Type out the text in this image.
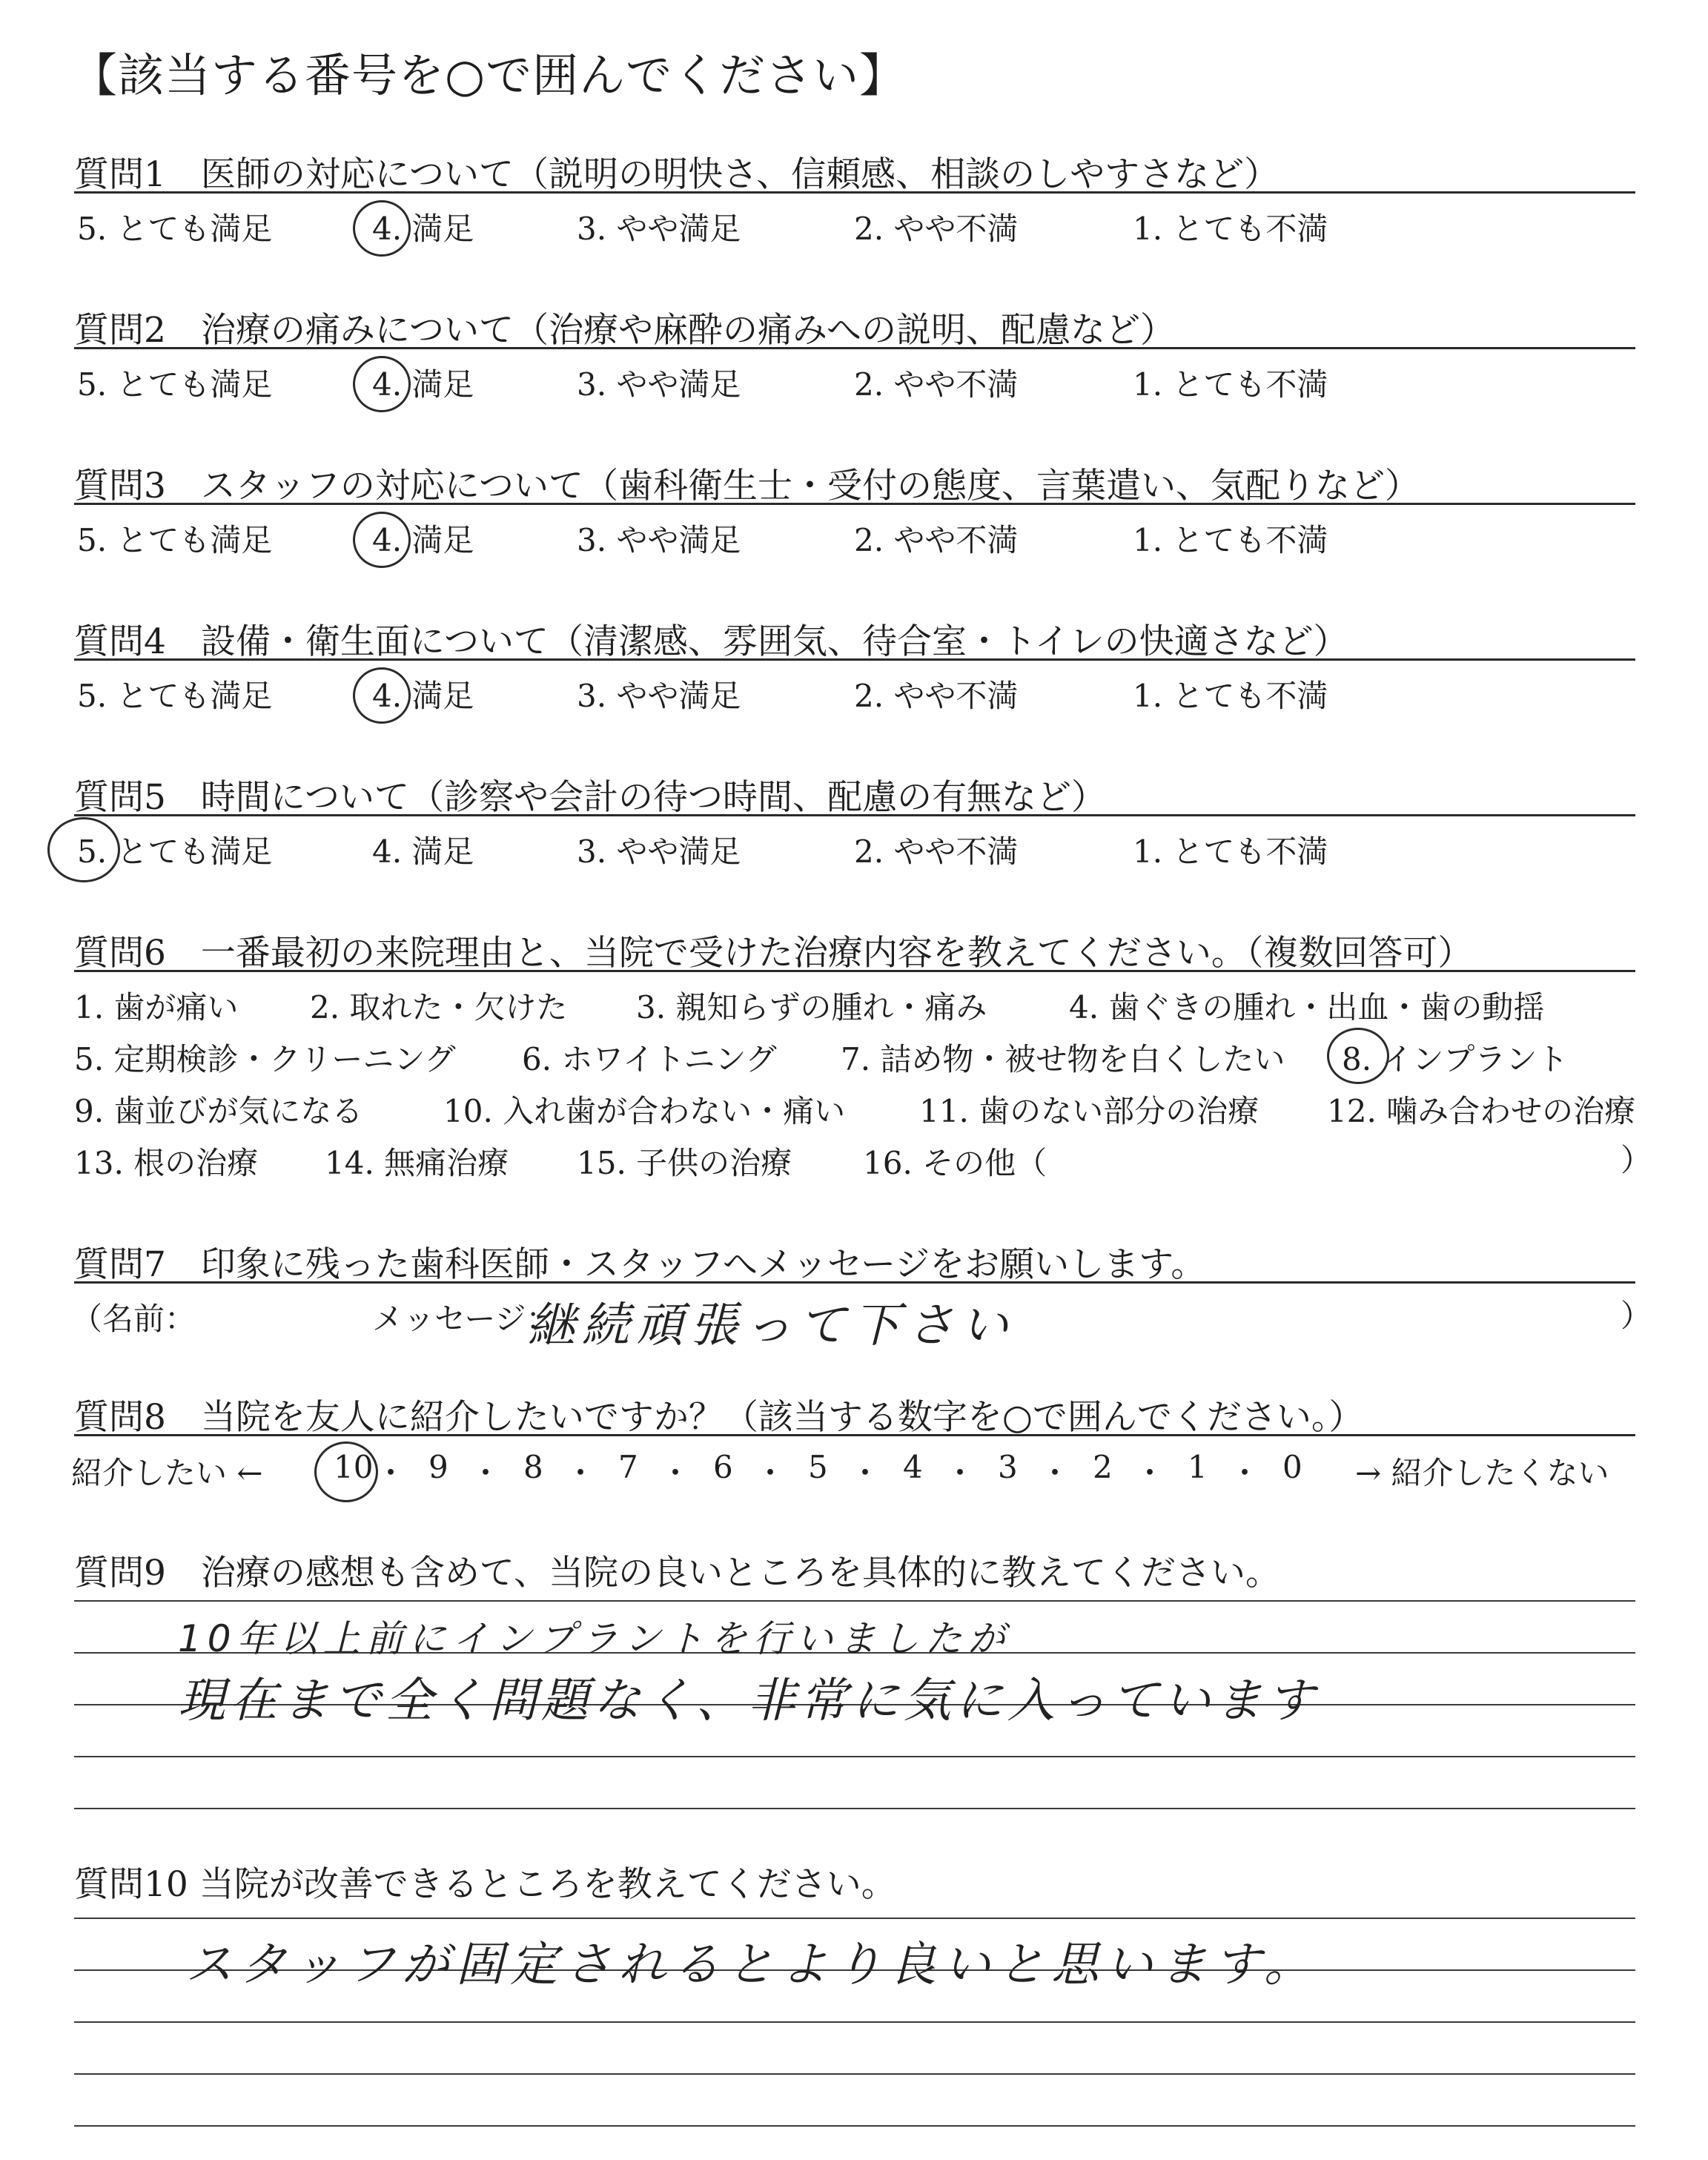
【該当する番号を○で囲んでください】
質問1　医師の対応について（説明の明快さ、信頼感、相談のしやすさなど）
5. とても満足	4. 満足	3. やや満足	2. やや不満	1. とても不満
質問2　治療の痛みについて（治療や麻酔の痛みへの説明、配慮など）
5. とても満足	4. 満足	3. やや満足	2. やや不満	1. とても不満
質問3　スタッフの対応について（歯科衛生士・受付の態度、言葉遣い、気配りなど）
5. とても満足	4. 満足	3. やや満足	2. やや不満	1. とても不満
質問4　設備・衛生面について（清潔感、雰囲気、待合室・トイレの快適さなど）
5. とても満足	4. 満足	3. やや満足	2. やや不満	1. とても不満
質問5　時間について（診察や会計の待つ時間、配慮の有無など）
5. とても満足	4. 満足	3. やや満足	2. やや不満	1. とても不満
質問6　一番最初の来院理由と、当院で受けた治療内容を教えてください。（複数回答可）
1. 歯が痛い 2. 取れた・欠けた 3. 親知らずの腫れ・痛み	4. 歯ぐきの腫れ・出血・歯の動揺
5. 定期検診・クリーニング 6. ホワイトニング 7. 詰め物・被せ物を白くしたい 8. インプラント
9. 歯並びが気になる	10. 入れ歯が合わない・痛い 11. 歯のない部分の治療 12. 噛み合わせの治療
13. 根の治療 14. 無痛治療 15. 子供の治療 16. その他（	）
質問7　印象に残った歯科医師・スタッフへメッセージをお願いします。
（名前：	メッセージ：
継続頑張って下さい	）
質問8　当院を友人に紹介したいですか？（該当する数字を○で囲んでください。）
紹介したい ←	→ 紹介したくない
10 ・ 9 ・ 8 ・ 7 ・ 6 ・ 5 ・ 4 ・ 3 ・ 2 ・ 1 ・ 0
質問9　治療の感想も含めて、当院の良いところを具体的に教えてください。
10年以上前にインプラントを行いましたが
現在まで全く問題なく、非常に気に入っています
質問10 当院が改善できるところを教えてください。
スタッフが固定されるとより良いと思います。
